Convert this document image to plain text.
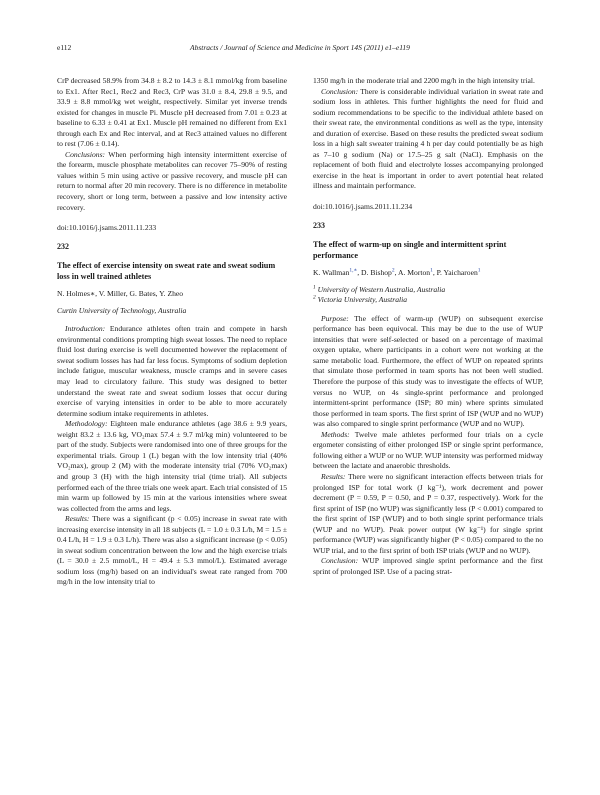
e112	Abstracts / Journal of Science and Medicine in Sport 14S (2011) e1–e119

CrP decreased 58.9% from 34.8 ± 8.2 to 14.3 ± 8.1 mmol/kg from baseline to Ex1. After Rec1, Rec2 and Rec3, CrP was 31.0 ± 8.4, 29.8 ± 9.5, and 33.9 ± 8.8 mmol/kg wet weight, respectively. Similar yet inverse trends existed for changes in muscle Pi. Muscle pH decreased from 7.01 ± 0.23 at baseline to 6.33 ± 0.41 at Ex1. Muscle pH remained no different from Ex1 through each Ex and Rec interval, and at Rec3 attained values no different to rest (7.06 ± 0.14).

Conclusions: When performing high intensity intermittent exercise of the forearm, muscle phosphate metabolites can recover 75–90% of resting values within 5 min using active or passive recovery, and muscle pH can return to normal after 20 min recovery. There is no difference in metabolite recovery, short or long term, between a passive and low intensity active recovery.

doi:10.1016/j.jsams.2011.11.233

232

The effect of exercise intensity on sweat rate and sweat sodium loss in well trained athletes

N. Holmes∗, V. Miller, G. Bates, Y. Zheo

Curtin University of Technology, Australia

Introduction: Endurance athletes often train and compete in harsh environmental conditions prompting high sweat losses. The need to replace fluid lost during exercise is well documented however the replacement of sweat sodium losses has had far less focus. Symptoms of sodium depletion include fatigue, muscular weakness, muscle cramps and in severe cases may lead to circulatory failure. This study was designed to better understand the sweat rate and sweat sodium losses that occur during exercise of varying intensities in order to be able to more accurately determine sodium intake requirements in athletes.

Methodology: Eighteen male endurance athletes (age 38.6 ± 9.9 years, weight 83.2 ± 13.6 kg, VO₂max 57.4 ± 9.7 ml/kg min) volunteered to be part of the study. Subjects were randomised into one of three groups for the experimental trials. Group 1 (L) began with the low intensity trial (40% VO₂max), group 2 (M) with the moderate intensity trial (70% VO₂max) and group 3 (H) with the high intensity trial (time trial). All subjects performed each of the three trials one week apart. Each trial consisted of 15 min warm up followed by 15 min at the various intensities where sweat was collected from the arms and legs.

Results: There was a significant (p < 0.05) increase in sweat rate with increasing exercise intensity in all 18 subjects (L = 1.0 ± 0.3 L/h, M = 1.5 ± 0.4 L/h, H = 1.9 ± 0.3 L/h). There was also a significant increase (p < 0.05) in sweat sodium concentration between the low and the high exercise trials (L = 30.0 ± 2.5 mmol/L, H = 49.4 ± 5.3 mmol/L). Estimated average sodium loss (mg/h) based on an individual's sweat rate ranged from 700 mg/h in the low intensity trial to

1350 mg/h in the moderate trial and 2200 mg/h in the high intensity trial.

Conclusion: There is considerable individual variation in sweat rate and sodium loss in athletes. This further highlights the need for fluid and sodium recommendations to be specific to the individual athlete based on their sweat rate, the environmental conditions as well as the type, intensity and duration of exercise. Based on these results the predicted sweat sodium loss in a high salt sweater training 4 h per day could potentially be as high as 7–10 g sodium (Na) or 17.5–25 g salt (NaCl). Emphasis on the replacement of both fluid and electrolyte losses accompanying prolonged exercise in the heat is important in order to avert potential heat related illness and maintain performance.

doi:10.1016/j.jsams.2011.11.234

233

The effect of warm-up on single and intermittent sprint performance

K. Wallman$^{1,∗}$, D. Bishop$^2$, A. Morton$^1$, P. Yaicharoen$^1$

$^1$ University of Western Australia, Australia

$^2$ Victoria University, Australia

Purpose: The effect of warm-up (WUP) on subsequent exercise performance has been equivocal. This may be due to the use of WUP intensities that were self-selected or based on a percentage of maximal oxygen uptake, where participants in a cohort were not working at the same metabolic load. Furthermore, the effect of WUP on repeated sprints that simulate those performed in team sports has not been well studied. Therefore the purpose of this study was to investigate the effects of WUP, versus no WUP, on 4s single-sprint performance and prolonged intermittent-sprint performance (ISP; 80 min) where sprints simulated those performed in team sports. The first sprint of ISP (WUP and no WUP) was also compared to single sprint performance (WUP and no WUP).

Methods: Twelve male athletes performed four trials on a cycle ergometer consisting of either prolonged ISP or single sprint performance, following either a WUP or no WUP. WUP intensity was performed midway between the lactate and anaerobic thresholds.

Results: There were no significant interaction effects between trials for prolonged ISP for total work (J kg⁻¹), work decrement and power decrement (P = 0.59, P = 0.50, and P = 0.37, respectively). Work for the first sprint of ISP (no WUP) was significantly less (P < 0.001) compared to the first sprint of ISP (WUP) and to both single sprint performance trials (WUP and no WUP). Peak power output (W kg⁻¹) for single sprint performance (WUP) was significantly higher (P < 0.05) compared to the no WUP trial, and to the first sprint of both ISP trials (WUP and no WUP).

Conclusion: WUP improved single sprint performance and the first sprint of prolonged ISP. Use of a pacing strat-
